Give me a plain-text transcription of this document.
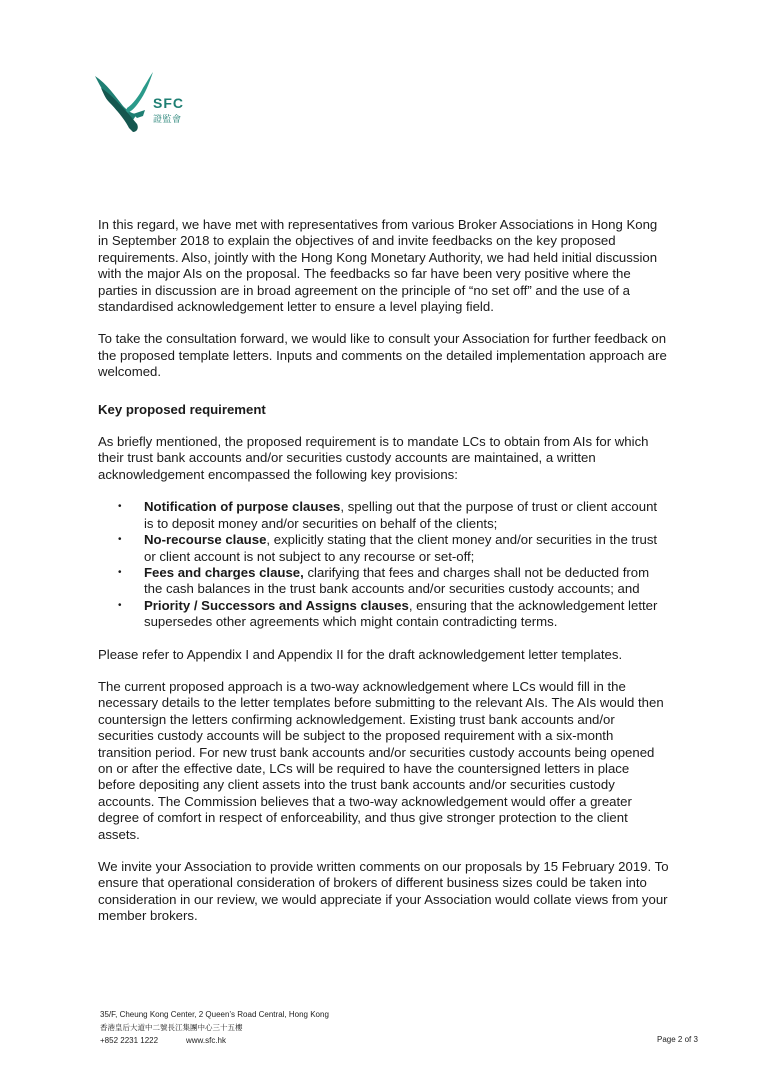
SFC
證監會

In this regard, we have met with representatives from various Broker Associations in Hong Kong in September 2018 to explain the objectives of and invite feedbacks on the key proposed requirements. Also, jointly with the Hong Kong Monetary Authority, we had held initial discussion with the major AIs on the proposal. The feedbacks so far have been very positive where the parties in discussion are in broad agreement on the principle of “no set off” and the use of a standardised acknowledgement letter to ensure a level playing field.

To take the consultation forward, we would like to consult your Association for further feedback on the proposed template letters. Inputs and comments on the detailed implementation approach are welcomed.

Key proposed requirement

As briefly mentioned, the proposed requirement is to mandate LCs to obtain from AIs for which their trust bank accounts and/or securities custody accounts are maintained, a written acknowledgement encompassed the following key provisions:

• Notification of purpose clauses, spelling out that the purpose of trust or client account is to deposit money and/or securities on behalf of the clients;
• No-recourse clause, explicitly stating that the client money and/or securities in the trust or client account is not subject to any recourse or set-off;
• Fees and charges clause, clarifying that fees and charges shall not be deducted from the cash balances in the trust bank accounts and/or securities custody accounts; and
• Priority / Successors and Assigns clauses, ensuring that the acknowledgement letter supersedes other agreements which might contain contradicting terms.

Please refer to Appendix I and Appendix II for the draft acknowledgement letter templates.

The current proposed approach is a two-way acknowledgement where LCs would fill in the necessary details to the letter templates before submitting to the relevant AIs. The AIs would then countersign the letters confirming acknowledgement. Existing trust bank accounts and/or securities custody accounts will be subject to the proposed requirement with a six-month transition period. For new trust bank accounts and/or securities custody accounts being opened on or after the effective date, LCs will be required to have the countersigned letters in place before depositing any client assets into the trust bank accounts and/or securities custody accounts. The Commission believes that a two-way acknowledgement would offer a greater degree of comfort in respect of enforceability, and thus give stronger protection to the client assets.

We invite your Association to provide written comments on our proposals by 15 February 2019. To ensure that operational consideration of brokers of different business sizes could be taken into consideration in our review, we would appreciate if your Association would collate views from your member brokers.

35/F, Cheung Kong Center, 2 Queen’s Road Central, Hong Kong
香港皇后大道中二號長江集團中心三十五樓
+852 2231 1222	www.sfc.hk	Page 2 of 3
